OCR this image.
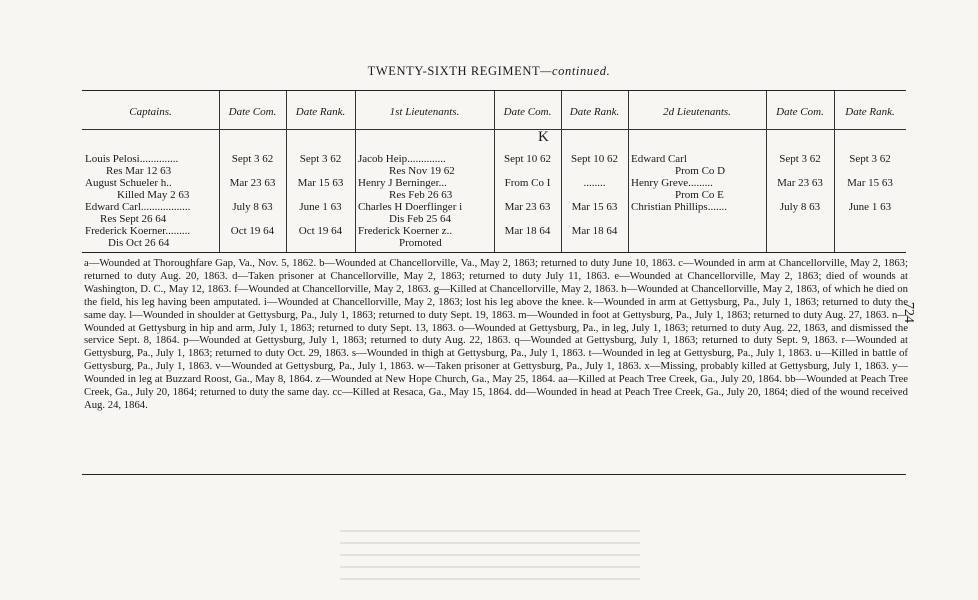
TWENTY-SIXTH REGIMENT—continued.
Captains.
Louis Pelosi..............
Res Mar 12 63
August Schueler h..
Killed May 2 63
Edward Carl..................
Res Sept 26 64
Frederick Koerner.........
Dis Oct 26 64
Date Com.
Sept 3 62
Mar 23 63
July 8 63
Oct 19 64
Date Rank.
Sept 3 62
Mar 15 63
June 1 63
Oct 19 64
1st Lieutenants.
Jacob Heip..............
Res Nov 19 62
Henry J Berninger...
Res Feb 26 63
Charles H Doerflinger i
Dis Feb 25 64
Frederick Koerner z..
Promoted
Date Com.
K
Sept 10 62
From Co I
Mar 23 63
Mar 18 64
Date Rank.
Sept 10 62
........
Mar 15 63
Mar 18 64
2d Lieutenants.
Edward Carl
Prom Co D
Henry Greve.........
Prom Co E
Christian Phillips.......
Date Com.
Sept 3 62
Mar 23 63
July 8 63
Date Rank.
Sept 3 62
Mar 15 63
June 1 63
a—Wounded at Thoroughfare Gap, Va., Nov. 5, 1862. b—Wounded at Chancellorville, Va., May 2, 1863; returned to duty June 10, 1863. c—Wounded in arm at Chancellorville, May 2, 1863; returned to duty Aug. 20, 1863. d—Taken prisoner at Chancellorville, May 2, 1863; returned to duty July 11, 1863. e—Wounded at Chancellorville, May 2, 1863; died of wounds at Washington, D. C., May 12, 1863. f—Wounded at Chancellorville, May 2, 1863. g—Killed at Chancellorville, May 2, 1863. h—Wounded at Chancellorville, May 2, 1863, of which he died on the field, his leg having been amputated. i—Wounded at Chancellorville, May 2, 1863; lost his leg above the knee. k—Wounded in arm at Gettysburg, Pa., July 1, 1863; returned to duty the same day. l—Wounded in shoulder at Gettysburg, Pa., July 1, 1863; returned to duty Sept. 19, 1863. m—Wounded in foot at Gettysburg, Pa., July 1, 1863; returned to duty Aug. 27, 1863. n—Wounded at Gettysburg in hip and arm, July 1, 1863; returned to duty Sept. 13, 1863. o—Wounded at Gettysburg, Pa., in leg, July 1, 1863; returned to duty Aug. 22, 1863, and dismissed the service Sept. 8, 1864. p—Wounded at Gettysburg, July 1, 1863; returned to duty Aug. 22, 1863. q—Wounded at Gettysburg, July 1, 1863; returned to duty Sept. 9, 1863. r—Wounded at Gettysburg, Pa., July 1, 1863; returned to duty Oct. 29, 1863. s—Wounded in thigh at Gettysburg, Pa., July 1, 1863. t—Wounded in leg at Gettysburg, Pa., July 1, 1863. u—Killed in battle of Gettysburg, Pa., July 1, 1863. v—Wounded at Gettysburg, Pa., July 1, 1863. w—Taken prisoner at Gettysburg, Pa., July 1, 1863. x—Missing, probably killed at Gettysburg, July 1, 1863. y—Wounded in leg at Buzzard Roost, Ga., May 8, 1864. z—Wounded at New Hope Church, Ga., May 25, 1864. aa—Killed at Peach Tree Creek, Ga., July 20, 1864. bb—Wounded at Peach Tree Creek, Ga., July 20, 1864; returned to duty the same day. cc—Killed at Resaca, Ga., May 15, 1864. dd—Wounded in head at Peach Tree Creek, Ga., July 20, 1864; died of the wound received Aug. 24, 1864.
724
